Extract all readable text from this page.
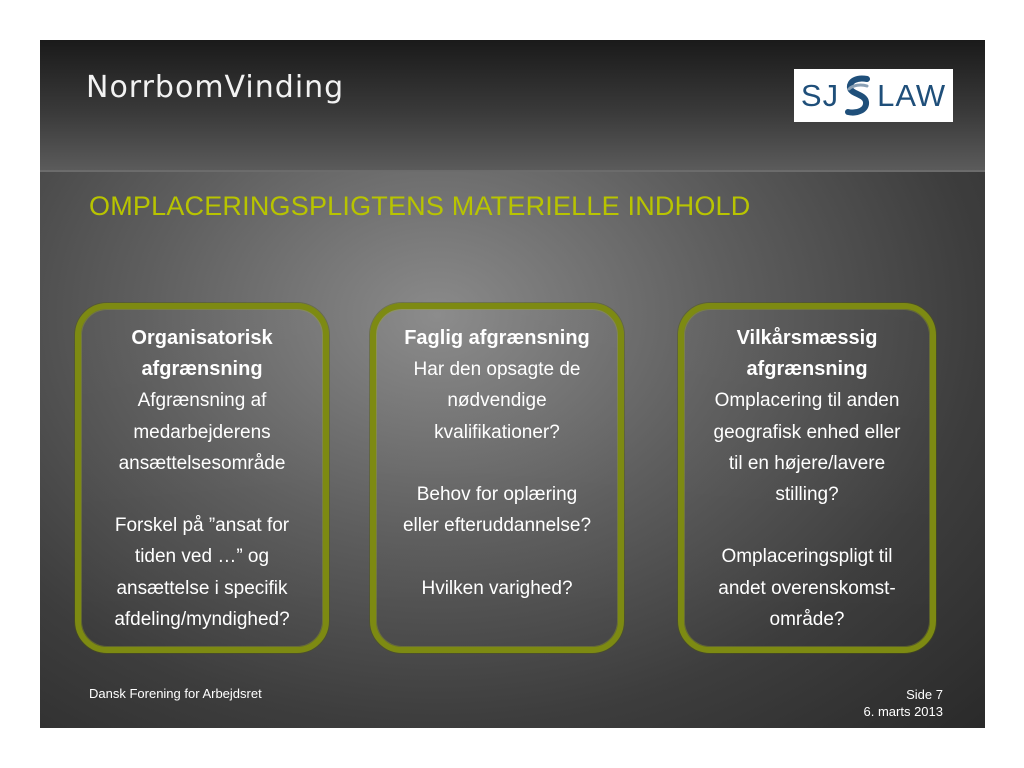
NorrbomVinding	SJ LAW
OMPLACERINGSPLIGTENS MATERIELLE INDHOLD
Organisatorisk
afgrænsning
Afgrænsning af
medarbejderens
ansættelsesområde
Forskel på ”ansat for
tiden ved …” og
ansættelse i specifik
afdeling/myndighed?
Faglig afgrænsning
Har den opsagte de
nødvendige
kvalifikationer?
Behov for oplæring
eller efteruddannelse?
Hvilken varighed?
Vilkårsmæssig
afgrænsning
Omplacering til anden
geografisk enhed eller
til en højere/lavere
stilling?
Omplaceringspligt til
andet overenskomst-
område?
Dansk Forening for Arbejdsret	Side 7
6. marts 2013
